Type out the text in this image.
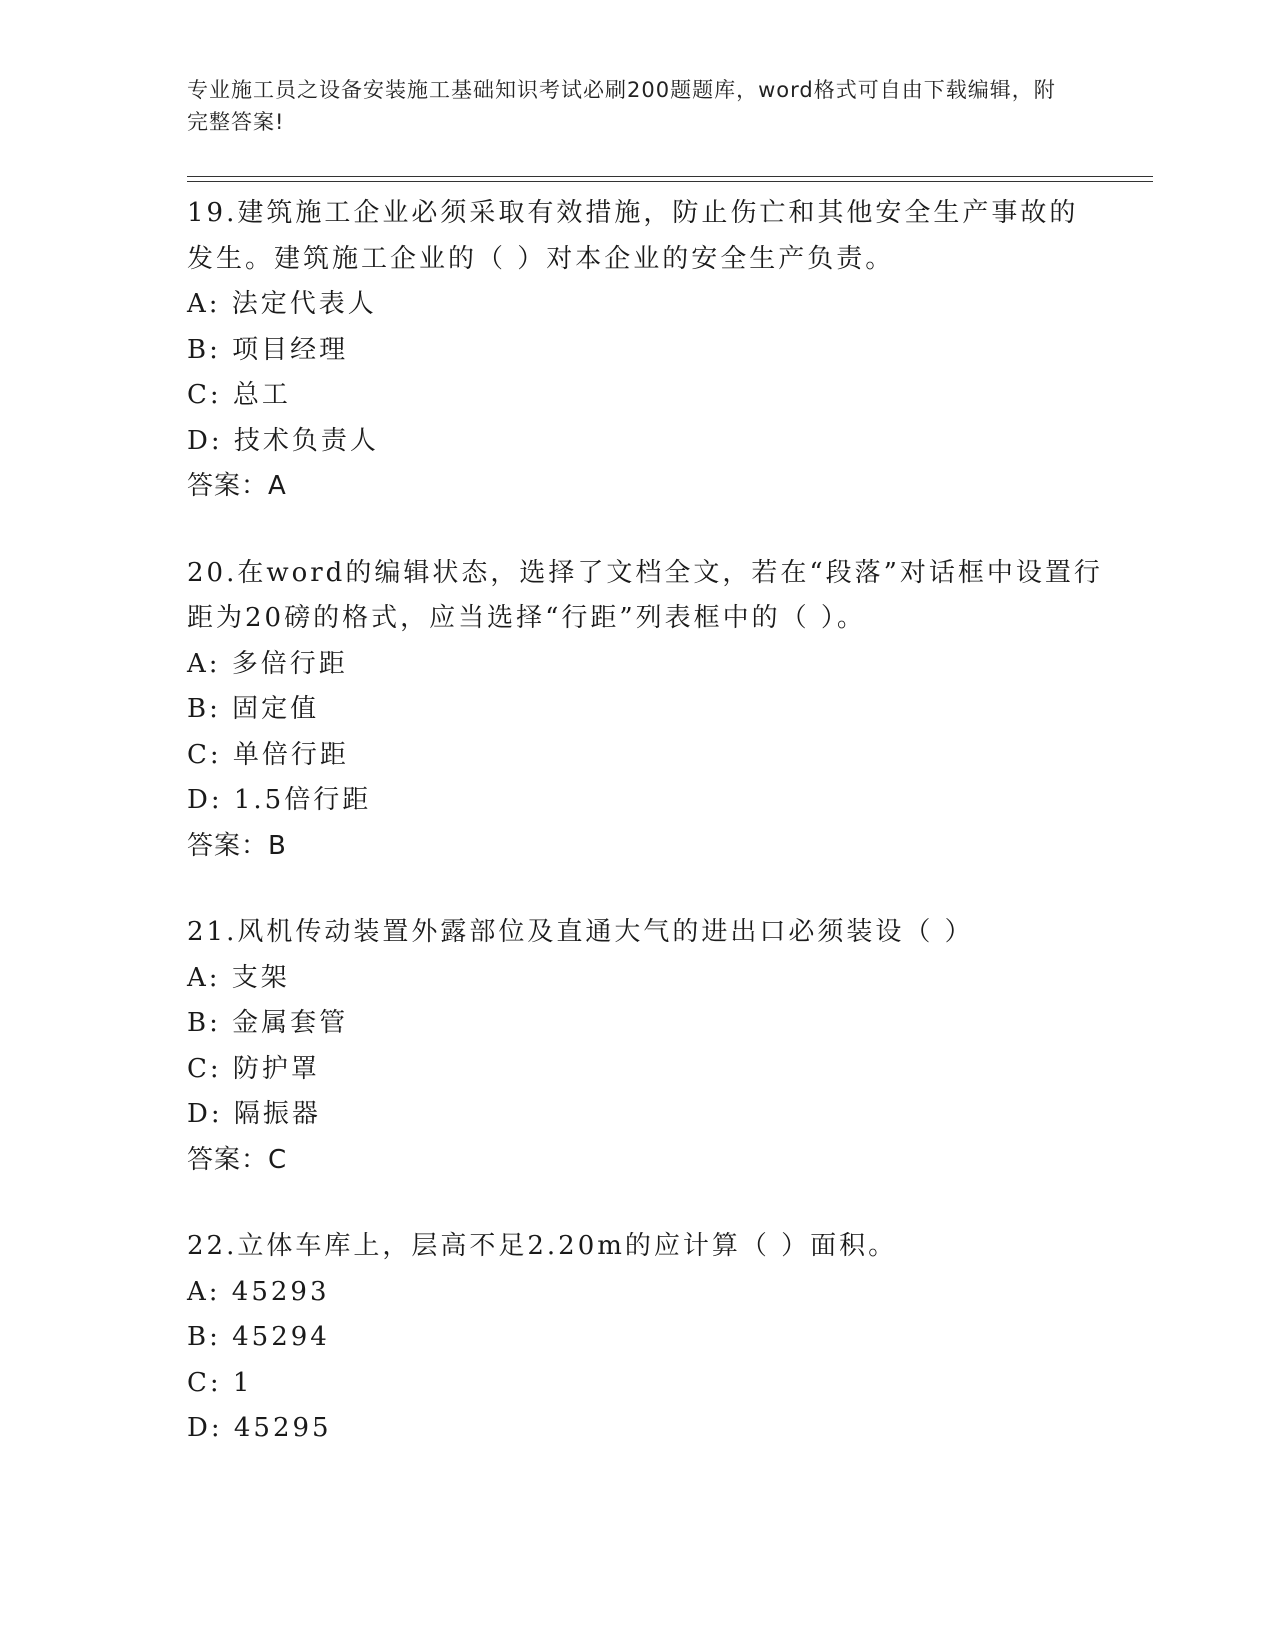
专业施工员之设备安装施工基础知识考试必刷200题题库，word格式可自由下载编辑，附完整答案!

19.建筑施工企业必须采取有效措施，防止伤亡和其他安全生产事故的发生。建筑施工企业的（ ）对本企业的安全生产负责。

A: 法定代表人

B: 项目经理

C: 总工

D: 技术负责人

答案：A

20.在word的编辑状态，选择了文档全文，若在“段落”对话框中设置行距为20磅的格式，应当选择“行距”列表框中的（ ）。

A: 多倍行距

B: 固定值

C: 单倍行距

D: 1.5倍行距

答案：B

21.风机传动装置外露部位及直通大气的进出口必须装设（ ）

A: 支架

B: 金属套管

C: 防护罩

D: 隔振器

答案：C

22.立体车库上，层高不足2.20m的应计算（ ）面积。

A: 45293

B: 45294

C: 1

D: 45295
